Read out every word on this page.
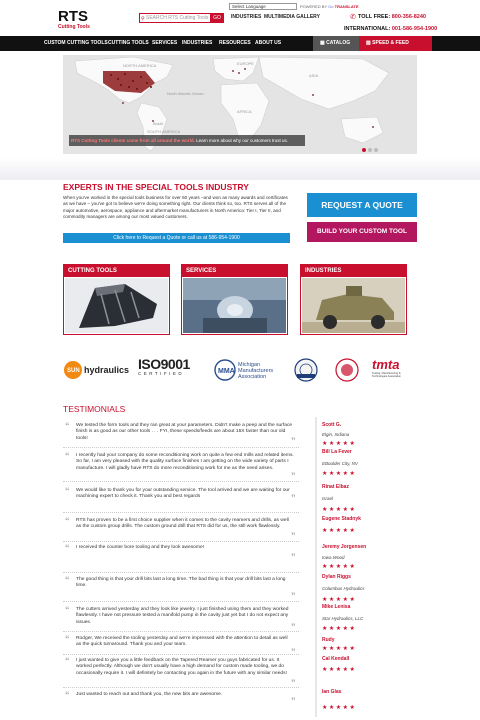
RTS
Cutting Tools
⚲ SEARCH RTS Cutting Tools GO
Select Language	POWERED BY Go TRANSLATE
INDUSTRIES MULTIMEDIA GALLERY	✆ TOLL FREE: 800-356-8240
INTERNATIONAL: 001-586-954-1900
CUSTOM CUTTING TOOLS CUTTING TOOLS SERVICES INDUSTRIES RESOURCES ABOUT US	▦ CATALOG	▧ SPEED & FEED
NORTH AMERICA
SOUTH AMERICA
North Atlantic Ocean
Brazil
AFRICA
ASIA
EUROPE
RTS Cutting Tools clients come from all around the world. Learn more about why our customers trust us.
EXPERTS IN THE SPECIAL TOOLS INDUSTRY
When you've worked in the special tools business for over 60 years –and won as many awards and certificates as we have – you've got to believe we're doing something right. Our clients think so, too. RTS serves all of the major automotive, aerospace, appliance and aftermarket manufacturers in North America: Tier I, Tier II, and commodity managers are among our most valued customers.
Click here to Request a Quote or call us at 586-954-1900
REQUEST A QUOTE
BUILD YOUR CUSTOM TOOL
CUTTING TOOLS	SERVICES	INDUSTRIES
SUN hydraulics ISO9001
CERTIFIED	MMA
Michigan
Manufacturers
Association
tmta
Tooling, Manufacturing & Technologies Association
TESTIMONIALS
“ We tested the form tools and they ran great at your parameters. Didn't make a peep and the surface finish is as good as our other tools . . . FYI, these speeds/feeds are about 15X faster than our old tools!	”
“ I recently had your company do some reconditioning work on quite a few end mills and related items. So far, I am very pleased with the quality surface finishes I am getting on the wide variety of parts I manufacture. I will gladly have RTS do more reconditioning work for me as the need arises.
”
“ We would like to thank you for your outstanding service. The tool arrived and we are waiting for our machining expert to check it. Thank you and best regards	”
“ RTS has proven to be a first choice supplier when it comes to the cavity reamers and drills, as well as the custom group drills. The custom ground drill that RTS did for us, the still work flawlessly.
”
“ I received the counter bore tooling and they look awesome!
”
“ The good thing is that your drill bits last a long time. The bad thing is that your drill bits last a long time.
”
“ The cutters arrived yesterday and they look like jewelry. I just finished using them and they worked flawlessly. I have not pressure tested a manifold pump in the cavity just yet but I do not expect any issues.	”
“ Rodger, We received the tooling yesterday and we're impressed with the attention to detail as well as the quick turnaround. Thank you and your team.
”
“ I just wanted to give you a little feedback on the Tapered Reamer you guys fabricated for us. It worked perfectly. Although we don't usually have a high demand for custom made tooling, we do occasionally require it. I will definitely be contacting you again in the future with any similar needs!
”
“ Just wanted to reach out and thank you, the new bits are awesome.
”
Scott G.
Elgin, Indiana
★★★★★
Bill La Fever
EBoulder City, NV
★★★★★
Rinat Elbaz
Israel
★★★★★
Eugene Stadnyk
★★★★★
Jeremy Jorgensen
Iowa Wood
★★★★★
Dylan Riggs
Columbus Hydraulics
★★★★★
Mike Lenisa
Star Hydraulics, LLC
★★★★★
Rudy
★★★★★
Cal Kendall
★★★★★
Ian Glas
★★★★★
